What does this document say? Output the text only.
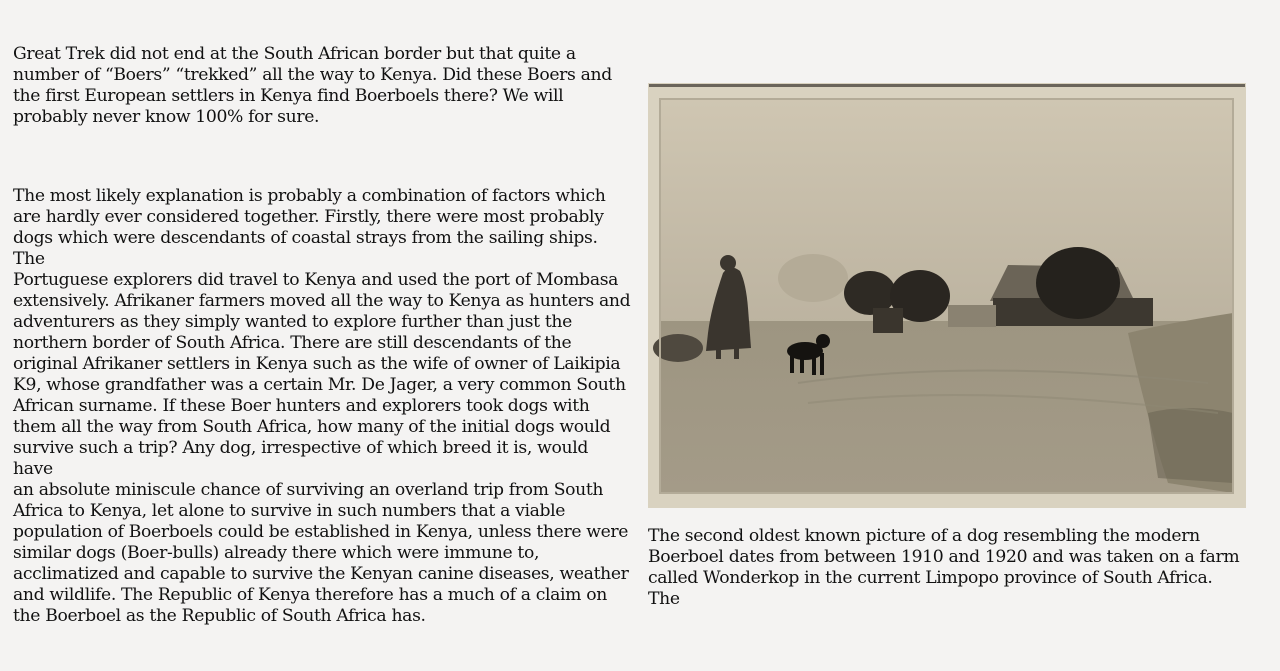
Great Trek did not end at the South African border but that quite a
number of “Boers” “trekked” all the way to Kenya. Did these Boers and
the first European settlers in Kenya find Boerboels there? We will
probably never know 100% for sure.

The most likely explanation is probably a combination of factors which
are hardly ever considered together. Firstly, there were most probably
dogs which were descendants of coastal strays from the sailing ships. The
Portuguese explorers did travel to Kenya and used the port of Mombasa
extensively. Afrikaner farmers moved all the way to Kenya as hunters and
adventurers as they simply wanted to explore further than just the
northern border of South Africa. There are still descendants of the
original Afrikaner settlers in Kenya such as the wife of owner of Laikipia
K9, whose grandfather was a certain Mr. De Jager, a very common South
African surname. If these Boer hunters and explorers took dogs with
them all the way from South Africa, how many of the initial dogs would
survive such a trip? Any dog, irrespective of which breed it is, would have
an absolute miniscule chance of surviving an overland trip from South
Africa to Kenya, let alone to survive in such numbers that a viable
population of Boerboels could be established in Kenya, unless there were
similar dogs (Boer-bulls) already there which were immune to,
acclimatized and capable to survive the Kenyan canine diseases, weather
and wildlife. The Republic of Kenya therefore has a much of a claim on
the Boerboel as the Republic of South Africa has.

The second oldest known picture of a dog resembling the modern
Boerboel dates from between 1910 and 1920 and was taken on a farm
called Wonderkop in the current Limpopo province of South Africa. The
